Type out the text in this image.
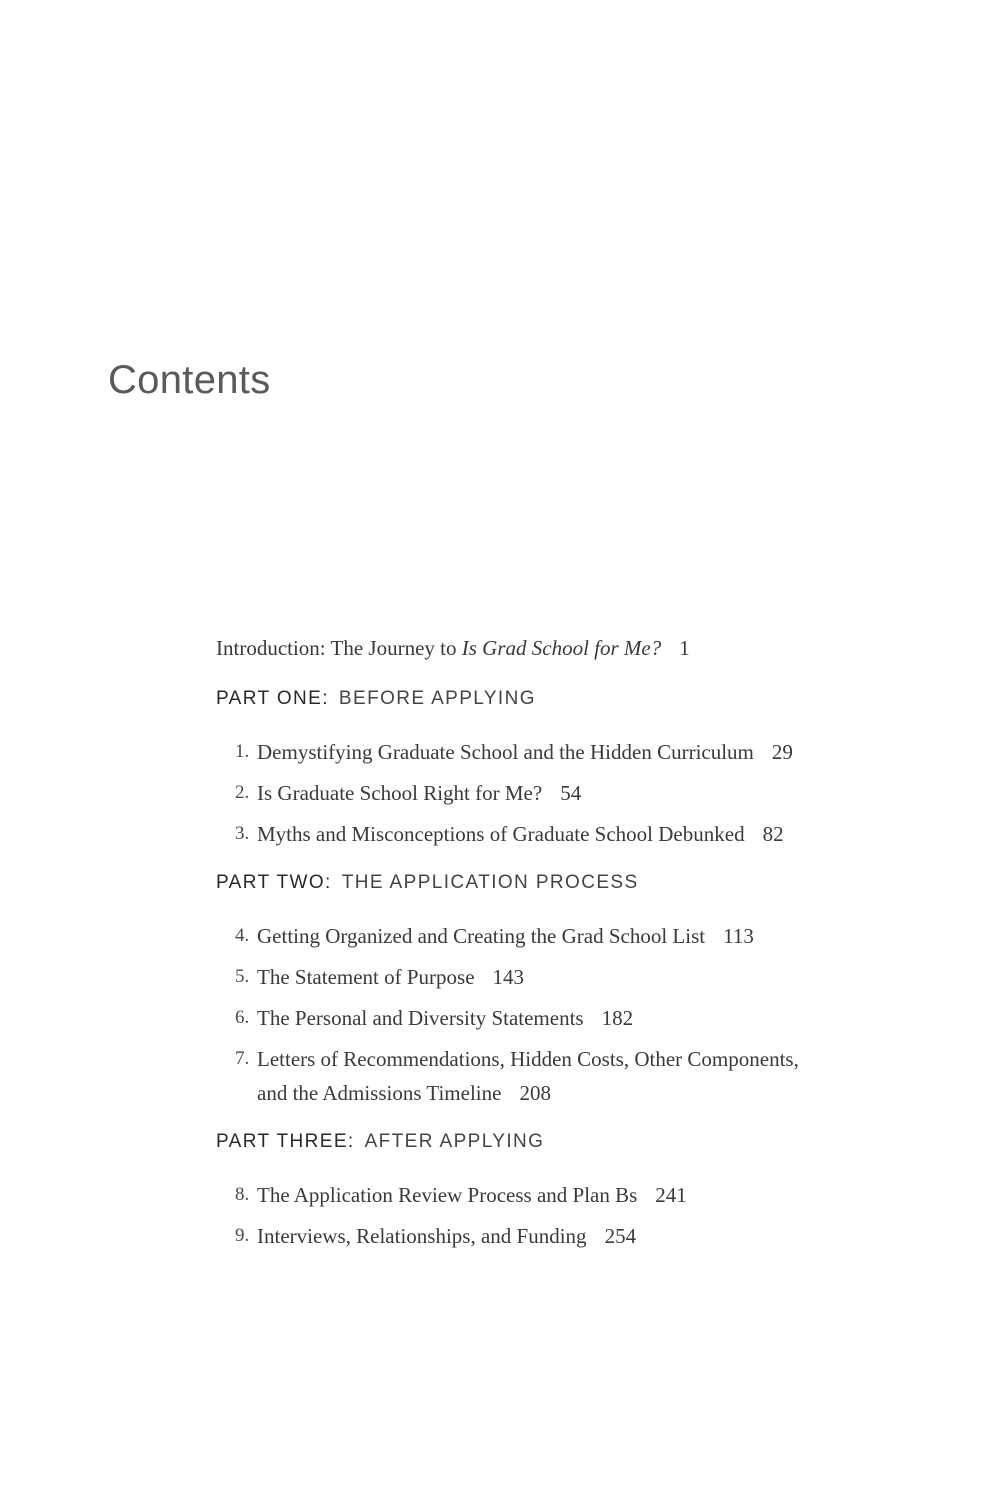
Contents

Introduction: The Journey to Is Grad School for Me? 1

PART ONE: BEFORE APPLYING
1. Demystifying Graduate School and the Hidden Curriculum 29
2. Is Graduate School Right for Me? 54
3. Myths and Misconceptions of Graduate School Debunked 82
PART TWO: THE APPLICATION PROCESS
4. Getting Organized and Creating the Grad School List 113
5. The Statement of Purpose 143
6. The Personal and Diversity Statements 182
7. Letters of Recommendations, Hidden Costs, Other Components, and the Admissions Timeline 208
PART THREE: AFTER APPLYING
8. The Application Review Process and Plan Bs 241
9. Interviews, Relationships, and Funding 254
